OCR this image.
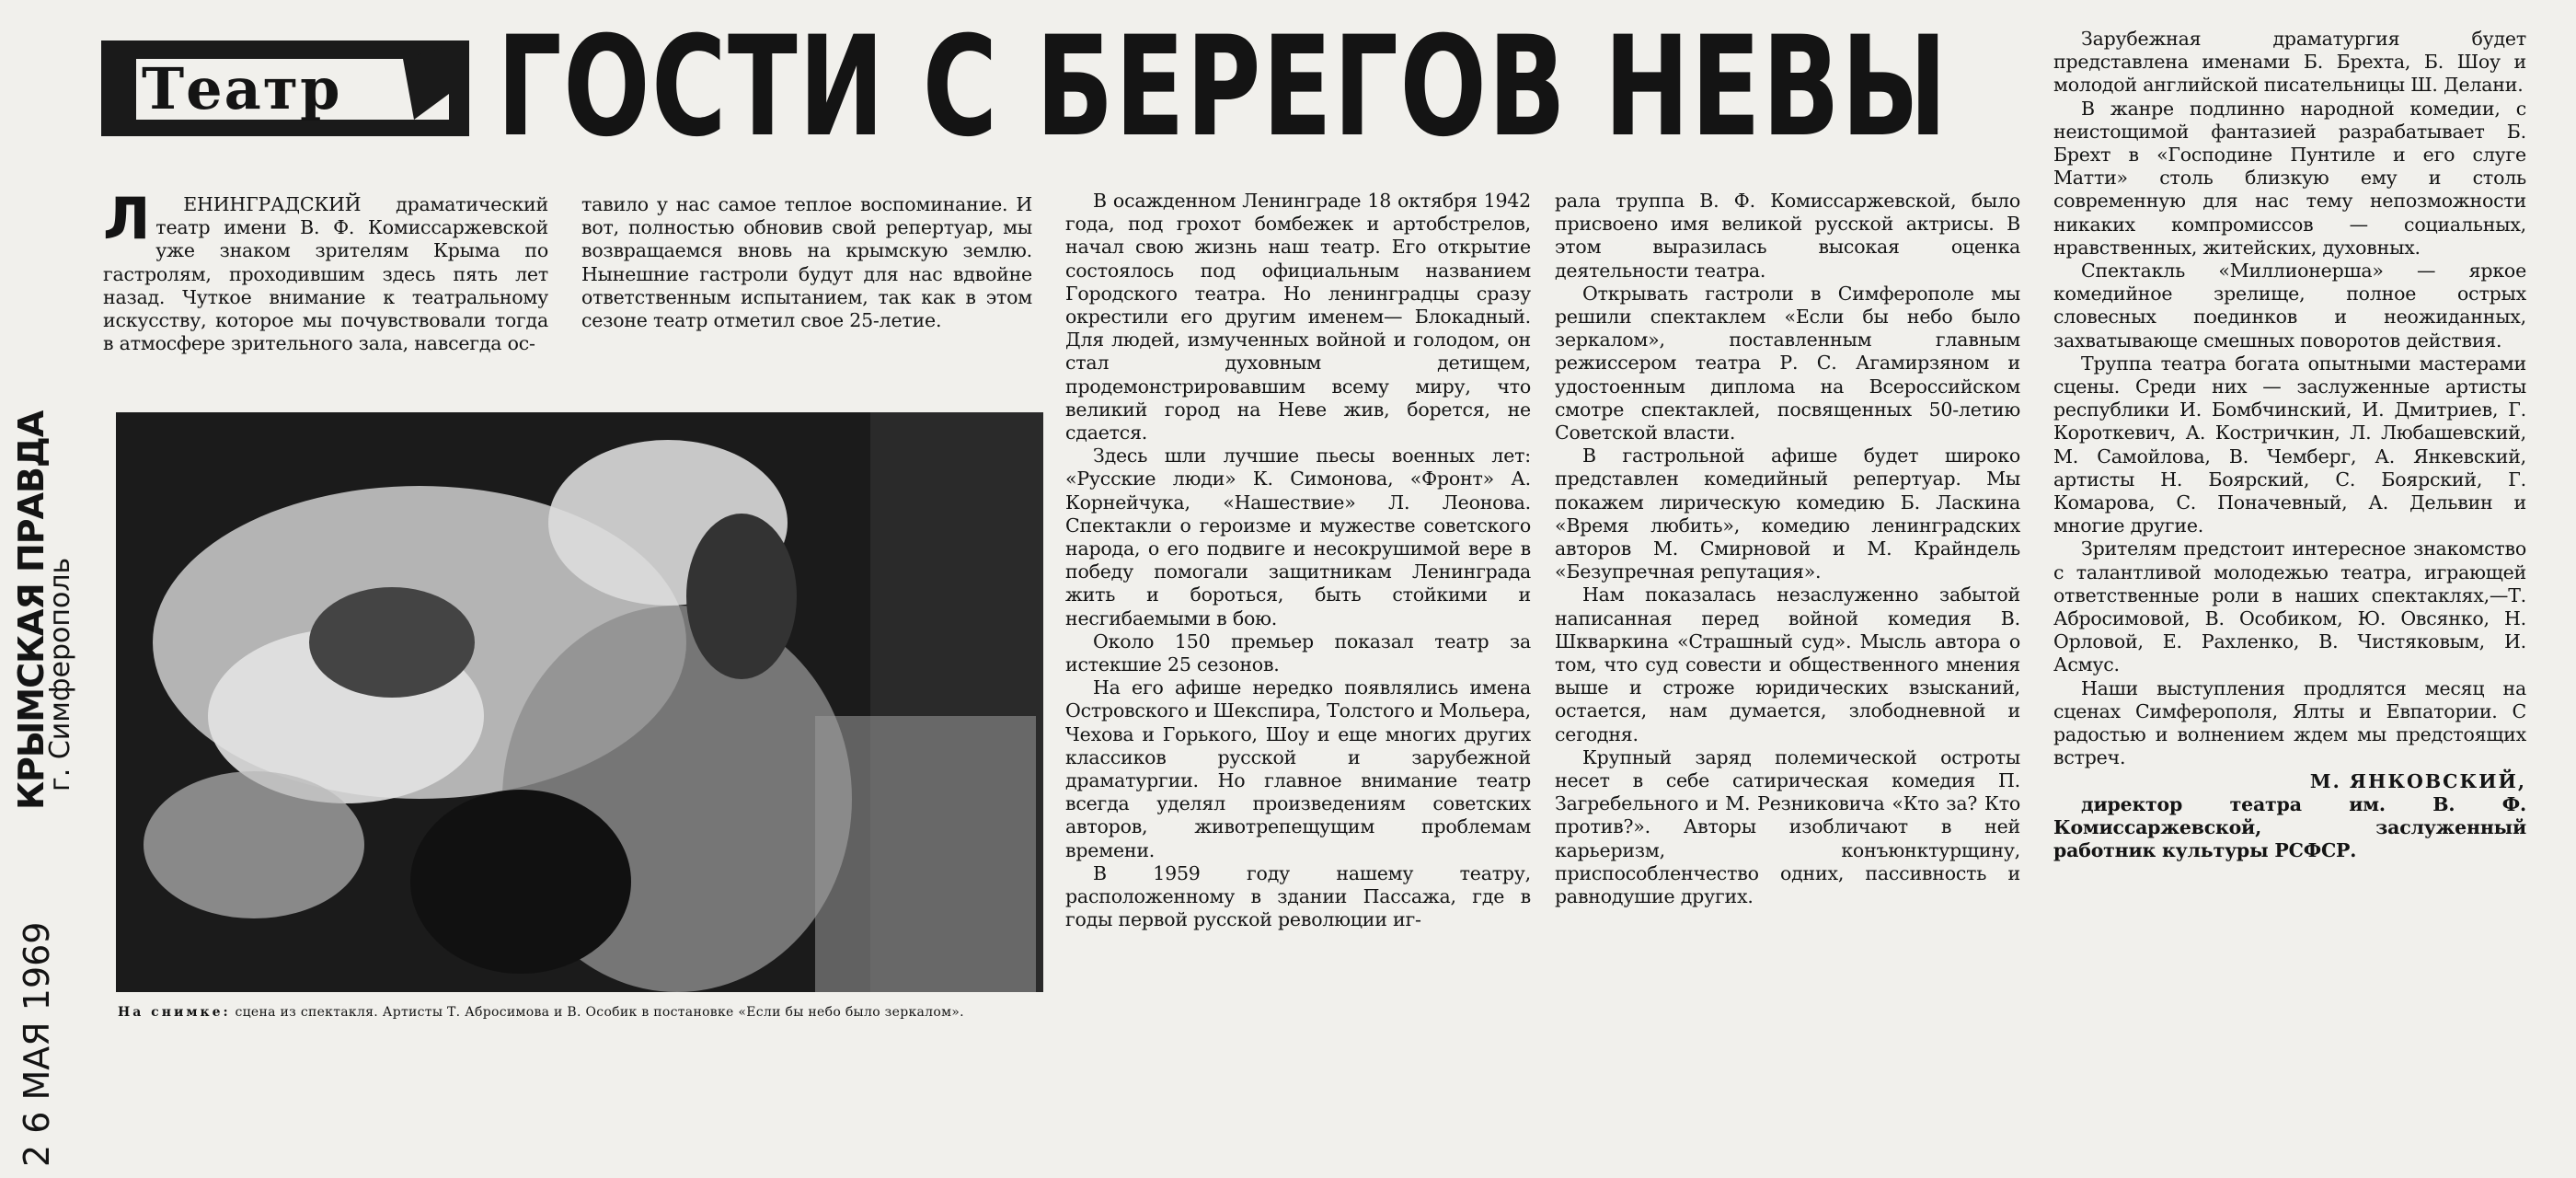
КРЫМСКАЯ ПРАВДА
г. Симферополь
2 6 МАЯ 1969
Театр ГОСТИ С БЕРЕГОВ НЕВЫ

Л ЕНИНГРАДСКИЙ драматический театр имени В. Ф. Комиссаржевской уже знаком зрителям Крыма по гастролям, проходившим здесь пять лет назад. Чуткое внимание к театральному искусству, которое мы почувствовали тогда в атмосфере зрительного зала, навсегда ос-

тавило у нас самое теплое воспоминание. И вот, полностью обновив свой репертуар, мы возвращаемся вновь на крымскую землю. Нынешние гастроли будут для нас вдвойне ответственным испытанием, так как в этом сезоне театр отметил свое 25-летие.

На снимке: сцена из спектакля. Артисты Т. Абросимова и В. Особик в постановке «Если бы небо было зеркалом».

В осажденном Ленинграде 18 октября 1942 года, под грохот бомбежек и артобстрелов, начал свою жизнь наш театр. Его открытие состоялось под официальным названием Городского театра. Но ленинградцы сразу окрестили его другим именем— Блокадный. Для людей, измученных войной и голодом, он стал духовным детищем, продемонстрировавшим всему миру, что великий город на Неве жив, борется, не сдается.

Здесь шли лучшие пьесы военных лет: «Русские люди» К. Симонова, «Фронт» А. Корнейчука, «Нашествие» Л. Леонова. Спектакли о героизме и мужестве советского народа, о его подвиге и несокрушимой вере в победу помогали защитникам Ленинграда жить и бороться, быть стойкими и несгибаемыми в бою.

Около 150 премьер показал театр за истекшие 25 сезонов.

На его афише нередко появлялись имена Островского и Шекспира, Толстого и Мольера, Чехова и Горького, Шоу и еще многих других классиков русской и зарубежной драматургии. Но главное внимание театр всегда уделял произведениям советских авторов, животрепещущим проблемам времени.

В 1959 году нашему театру, расположенному в здании Пассажа, где в годы первой русской революции иг-

рала труппа В. Ф. Комиссаржевской, было присвоено имя великой русской актрисы. В этом выразилась высокая оценка деятельности театра.

Открывать гастроли в Симферополе мы решили спектаклем «Если бы небо было зеркалом», поставленным главным режиссером театра Р. С. Агамирзяном и удостоенным диплома на Всероссийском смотре спектаклей, посвященных 50-летию Советской власти.

В гастрольной афише будет широко представлен комедийный репертуар. Мы покажем лирическую комедию Б. Ласкина «Время любить», комедию ленинградских авторов М. Смирновой и М. Крайндель «Безупречная репутация».

Нам показалась незаслуженно забытой написанная перед войной комедия В. Шкваркина «Страшный суд». Мысль автора о том, что суд совести и общественного мнения выше и строже юридических взысканий, остается, нам думается, злободневной и сегодня.

Крупный заряд полемической остроты несет в себе сатирическая комедия П. Загребельного и М. Резниковича «Кто за? Кто против?». Авторы изобличают в ней карьеризм, конъюнктурщину, приспособленчество одних, пассивность и равнодушие других.

Зарубежная драматургия будет представлена именами Б. Брехта, Б. Шоу и молодой английской писательницы Ш. Делани.

В жанре подлинно народной комедии, с неистощимой фантазией разрабатывает Б. Брехт в «Господине Пунтиле и его слуге Матти» столь близкую ему и столь современную для нас тему непозможности никаких компромиссов — социальных, нравственных, житейских, духовных.

Спектакль «Миллионерша» — яркое комедийное зрелище, полное острых словесных поединков и неожиданных, захватывающе смешных поворотов действия.

Труппа театра богата опытными мастерами сцены. Среди них — заслуженные артисты республики И. Бомбчинский, И. Дмитриев, Г. Короткевич, А. Костричкин, Л. Любашевский, М. Самойлова, В. Чемберг, А. Янкевский, артисты Н. Боярский, С. Боярский, Г. Комарова, С. Поначевный, А. Дельвин и многие другие.

Зрителям предстоит интересное знакомство с талантливой молодежью театра, играющей ответственные роли в наших спектаклях,—Т. Абросимовой, В. Особиком, Ю. Овсянко, Н. Орловой, Е. Рахленко, В. Чистяковым, И. Асмус.

Наши выступления продлятся месяц на сценах Симферополя, Ялты и Евпатории. С радостью и волнением ждем мы предстоящих встреч.

М. ЯНКОВСКИЙ,

директор театра им. В. Ф. Комиссаржевской, заслуженный работник культуры РСФСР.
